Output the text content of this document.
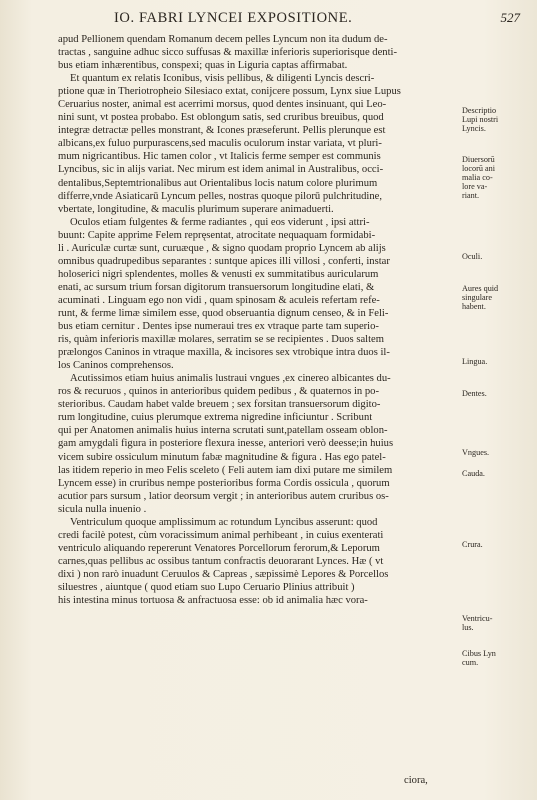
IO. FABRI LYNCEI EXPOSITIONE.	527
apud Pellionem quendam Romanum decem pelles Lyncum non ita dudum de-
tractas , sanguine adhuc sicco suffusas & maxillæ inferioris superiorisque denti-
bus etiam inhærentibus, conspexi; quas in Liguria captas affirmabat.
Et quantum ex relatis Iconibus, visis pellibus, & diligenti Lyncis descri-
ptione quæ in Theriotropheio Silesiaco extat, conijcere possum, Lynx siue Lupus
Ceruarius noster, animal est acerrimi morsus, quod dentes insinuant, qui Leo-
nini sunt, vt postea probabo. Est oblongum satis, sed cruribus breuibus, quod
integræ detractæ pelles monstrant, & Icones præseferunt. Pellis plerunque est
albicans,ex fuluo purpurascens,sed maculis oculorum instar variata, vt pluri-
mum nigricantibus. Hic tamen color , vt Italicis ferme semper est communis
Lyncibus, sic in alijs variat. Nec mirum est idem animal in Australibus, occi-
dentalibus,Septemtrionalibus aut Orientalibus locis natum colore plurimum
differre,vnde Asiaticarū Lyncum pelles, nostras quoque pilorū pulchritudine,
vbertate, longitudine, & maculis plurimum superare animaduerti.
Oculos etiam fulgentes & ferme radiantes , qui eos viderunt , ipsi attri-
buunt: Capite apprime Felem repręsentat, atrocitate nequaquam formidabi-
li . Auriculæ curtæ sunt, curuæque , & signo quodam proprio Lyncem ab alijs
omnibus quadrupedibus separantes : suntque apices illi villosi , conferti, instar
holoserici nigri splendentes, molles & venusti ex summitatibus auricularum
enati, ac sursum trium forsan digitorum transuersorum longitudine elati, &
acuminati . Linguam ego non vidi , quam spinosam & aculeis refertam refe-
runt, & ferme limæ similem esse, quod obseruantia dignum censeo, & in Feli-
bus etiam cernitur . Dentes ipse numeraui tres ex vtraque parte tam superio-
ris, quàm inferioris maxillæ molares, serratim se se recipientes . Duos saltem
prælongos Caninos in vtraque maxilla, & incisores sex vtrobique intra duos il-
los Caninos comprehensos.
Acutissimos etiam huius animalis lustraui vngues ,ex cinereo albicantes du-
ros & recuruos , quinos in anterioribus quidem pedibus , & quaternos in po-
sterioribus. Caudam habet valde breuem ; sex forsitan transuersorum digito-
rum longitudine, cuius plerumque extrema nigredine inficiuntur . Scribunt
qui per Anatomen animalis huius interna scrutati sunt,patellam osseam oblon-
gam amygdali figura in posteriore flexura inesse, anteriori verò deesse;in huius
vicem subire ossiculum minutum fabæ magnitudine & figura . Has ego patel-
las itidem reperio in meo Felis sceleto ( Feli autem iam dixi putare me similem
Lyncem esse) in cruribus nempe posterioribus forma Cordis ossicula , quorum
acutior pars sursum , latior deorsum vergit ; in anterioribus autem cruribus os-
sicula nulla inuenio .
Ventriculum quoque amplissimum ac rotundum Lyncibus asserunt: quod
credi facilè potest, cùm voracissimum animal perhibeant , in cuius exenterati
ventriculo aliquando repererunt Venatores Porcellorum ferorum,& Leporum
carnes,quas pellibus ac ossibus tantum confractis deuorarant Lynces. Hæ ( vt
dixi ) non rarò inuadunt Ceruulos & Capreas , sæpissimè Lepores & Porcellos
siluestres , aiuntque ( quod etiam suo Lupo Ceruario Plinius attribuit )
his intestina minus tortuosa & anfractuosa esse: ob id animalia hæc vora-
ciora,
Descriptio
Lupi nostri
Lyncis.
Diuersorū
locorū ani
malia co-
lore va-
riant.
Oculi.
Aures quid
singulare
habent.
Lingua.
Dentes.
Vngues.
Cauda.
Crura.
Ventricu-
lus.
Cibus Lyn
cum.
